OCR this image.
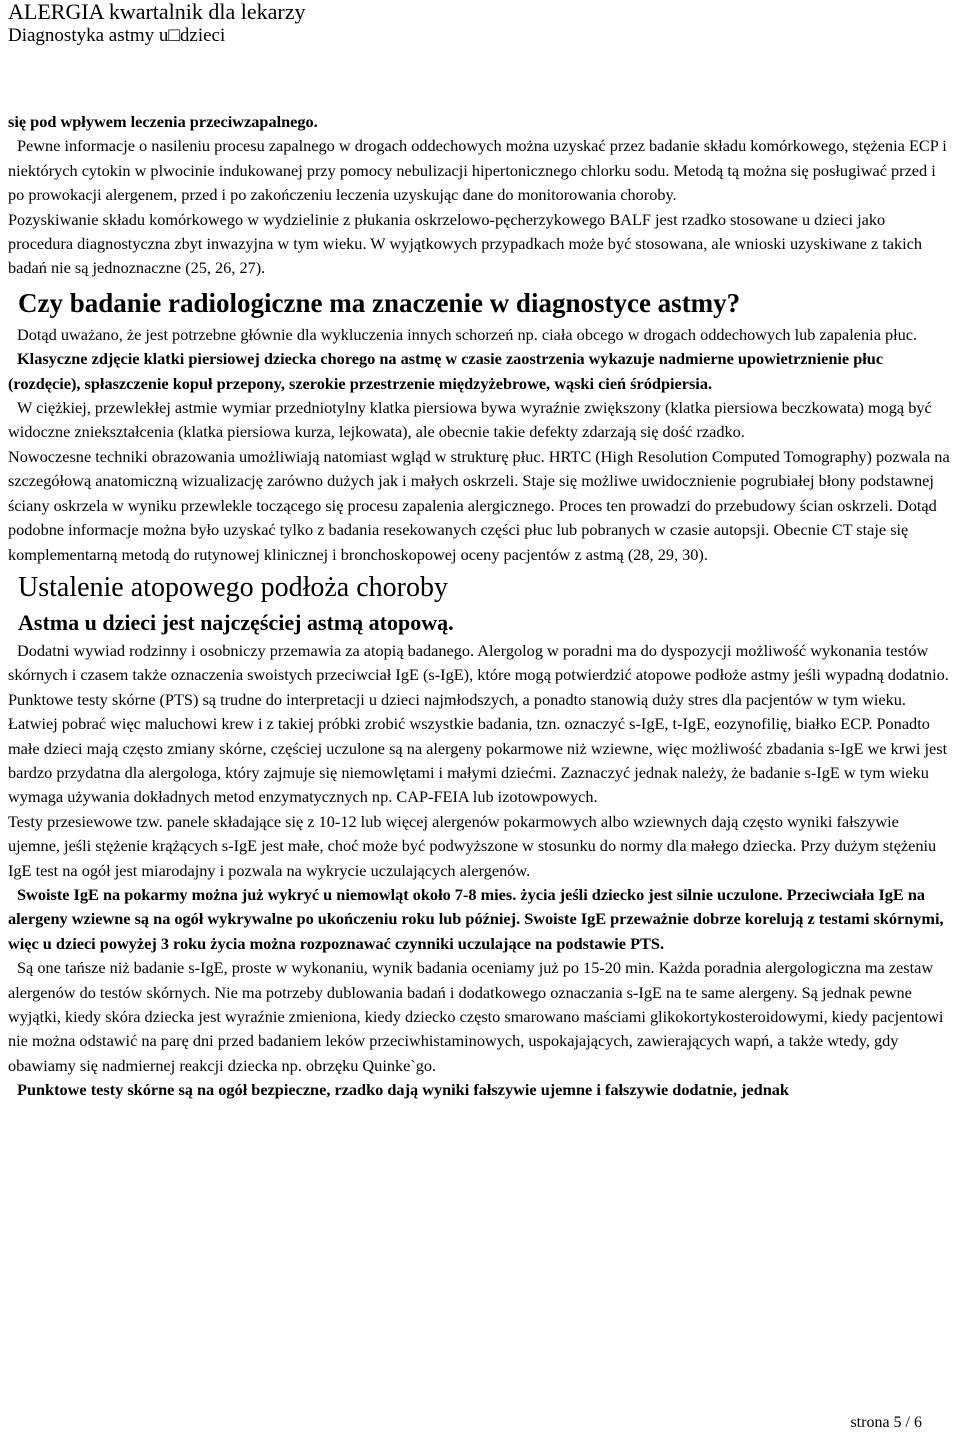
ALERGIA kwartalnik dla lekarzy
Diagnostyka astmy u□dzieci

się pod wpływem leczenia przeciwzapalnego.

Pewne informacje o nasileniu procesu zapalnego w drogach oddechowych można uzyskać przez badanie składu komórkowego, stężenia ECP i niektórych cytokin w plwocinie indukowanej przy pomocy nebulizacji hipertonicznego chlorku sodu. Metodą tą można się posługiwać przed i po prowokacji alergenem, przed i po zakończeniu leczenia uzyskując dane do monitorowania choroby.

Pozyskiwanie składu komórkowego w wydzielinie z płukania oskrzelowo-pęcherzykowego BALF jest rzadko stosowane u dzieci jako procedura diagnostyczna zbyt inwazyjna w tym wieku. W wyjątkowych przypadkach może być stosowana, ale wnioski uzyskiwane z takich badań nie są jednoznaczne (25, 26, 27).

Czy badanie radiologiczne ma znaczenie w diagnostyce astmy?

Dotąd uważano, że jest potrzebne głównie dla wykluczenia innych schorzeń np. ciała obcego w drogach oddechowych lub zapalenia płuc.

Klasyczne zdjęcie klatki piersiowej dziecka chorego na astmę w czasie zaostrzenia wykazuje nadmierne upowietrznienie płuc (rozdęcie), spłaszczenie kopuł przepony, szerokie przestrzenie międzyżebrowe, wąski cień śródpiersia.

W ciężkiej, przewlekłej astmie wymiar przedniotylny klatka piersiowa bywa wyraźnie zwiększony (klatka piersiowa beczkowata) mogą być widoczne zniekształcenia (klatka piersiowa kurza, lejkowata), ale obecnie takie defekty zdarzają się dość rzadko.

Nowoczesne techniki obrazowania umożliwiają natomiast wgląd w strukturę płuc. HRTC (High Resolution Computed Tomography) pozwala na szczegółową anatomiczną wizualizację zarówno dużych jak i małych oskrzeli. Staje się możliwe uwidocznienie pogrubiałej błony podstawnej ściany oskrzela w wyniku przewlekle toczącego się procesu zapalenia alergicznego. Proces ten prowadzi do przebudowy ścian oskrzeli. Dotąd podobne informacje można było uzyskać tylko z badania resekowanych części płuc lub pobranych w czasie autopsji. Obecnie CT staje się komplementarną metodą do rutynowej klinicznej i bronchoskopowej oceny pacjentów z astmą (28, 29, 30).

Ustalenie atopowego podłoża choroby
Astma u dzieci jest najczęściej astmą atopową.

Dodatni wywiad rodzinny i osobniczy przemawia za atopią badanego. Alergolog w poradni ma do dyspozycji możliwość wykonania testów skórnych i czasem także oznaczenia swoistych przeciwciał IgE (s-IgE), które mogą potwierdzić atopowe podłoże astmy jeśli wypadną dodatnio.

Punktowe testy skórne (PTS) są trudne do interpretacji u dzieci najmłodszych, a ponadto stanowią duży stres dla pacjentów w tym wieku. Łatwiej pobrać więc maluchowi krew i z takiej próbki zrobić wszystkie badania, tzn. oznaczyć s-IgE, t-IgE, eozynofilię, białko ECP. Ponadto małe dzieci mają często zmiany skórne, częściej uczulone są na alergeny pokarmowe niż wziewne, więc możliwość zbadania s-IgE we krwi jest bardzo przydatna dla alergologa, który zajmuje się niemowlętami i małymi dziećmi. Zaznaczyć jednak należy, że badanie s-IgE w tym wieku wymaga używania dokładnych metod enzymatycznych np. CAP-FEIA lub izotowpowych.

Testy przesiewowe tzw. panele składające się z 10-12 lub więcej alergenów pokarmowych albo wziewnych dają często wyniki fałszywie ujemne, jeśli stężenie krążących s-IgE jest małe, choć może być podwyższone w stosunku do normy dla małego dziecka. Przy dużym stężeniu IgE test na ogół jest miarodajny i pozwala na wykrycie uczulających alergenów.

Swoiste IgE na pokarmy można już wykryć u niemowląt około 7-8 mies. życia jeśli dziecko jest silnie uczulone. Przeciwciała IgE na alergeny wziewne są na ogół wykrywalne po ukończeniu roku lub później. Swoiste IgE przeważnie dobrze korelują z testami skórnymi, więc u dzieci powyżej 3 roku życia można rozpoznawać czynniki uczulające na podstawie PTS.

Są one tańsze niż badanie s-IgE, proste w wykonaniu, wynik badania oceniamy już po 15-20 min. Każda poradnia alergologiczna ma zestaw alergenów do testów skórnych. Nie ma potrzeby dublowania badań i dodatkowego oznaczania s-IgE na te same alergeny. Są jednak pewne wyjątki, kiedy skóra dziecka jest wyraźnie zmieniona, kiedy dziecko często smarowano maściami glikokortykosteroidowymi, kiedy pacjentowi nie można odstawić na parę dni przed badaniem leków przeciwhistaminowych, uspokajających, zawierających wapń, a także wtedy, gdy obawiamy się nadmiernej reakcji dziecka np. obrzęku Quinke`go.

Punktowe testy skórne są na ogół bezpieczne, rzadko dają wyniki fałszywie ujemne i fałszywie dodatnie, jednak

strona 5 / 6
